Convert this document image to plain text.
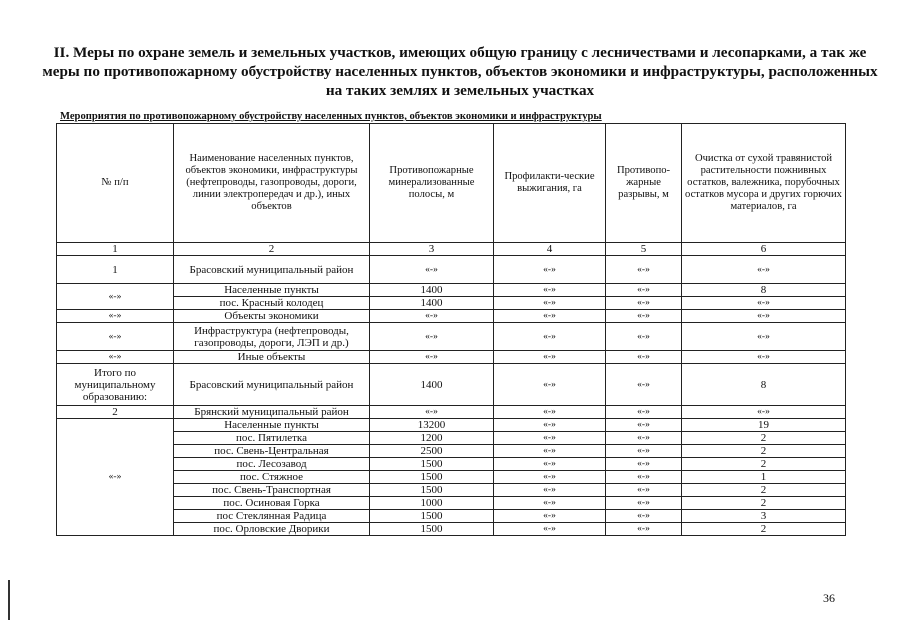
II. Меры по охране земель и земельных участков, имеющих общую границу с лесничествами и лесопарками, а так же меры по противопожарному обустройству населенных пунктов, объектов экономики и инфраструктуры, расположенных на таких землях и земельных участках
Мероприятия по противопожарному обустройству населенных пунктов, объектов экономики и инфраструктуры
№ п/п	Наименование населенных пунктов, объектов экономики, инфраструктуры (нефтепроводы, газопроводы, дороги, линии электропередач и др.), иных объектов	Противопожарные минерализованные полосы, м	Профилакти-ческие выжигания, га	Противопо-жарные разрывы, м	Очистка от сухой травянистой растительности пожнивных остатков, валежника, порубочных остатков мусора и других горючих материалов, га
1	2	3	4	5	6
1	Брасовский муниципальный район	«-»	«-»	«-»	«-»
«-»	Населенные пункты	1400	«-»	«-»	8
	пос. Красный колодец	1400	«-»	«-»	«-»
«-»	Объекты экономики	«-»	«-»	«-»	«-»
«-»	Инфраструктура (нефтепроводы, газопроводы, дороги, ЛЭП и др.)	«-»	«-»	«-»	«-»
«-»	Иные объекты	«-»	«-»	«-»	«-»
Итого по муниципальному образованию:	Брасовский муниципальный район	1400	«-»	«-»	8
2	Брянский муниципальный район	«-»	«-»	«-»	«-»
«-»	Населенные пункты	13200	«-»	«-»	19
	пос. Пятилетка	1200	«-»	«-»	2
	пос. Свень-Центральная	2500	«-»	«-»	2
	пос. Лесозавод	1500	«-»	«-»	2
	пос. Стяжное	1500	«-»	«-»	1
	пос. Свень-Транспортная	1500	«-»	«-»	2
	пос. Осиновая Горка	1000	«-»	«-»	2
	пос Стеклянная Радица	1500	«-»	«-»	3
	пос. Орловские Дворики	1500	«-»	«-»	2
36
